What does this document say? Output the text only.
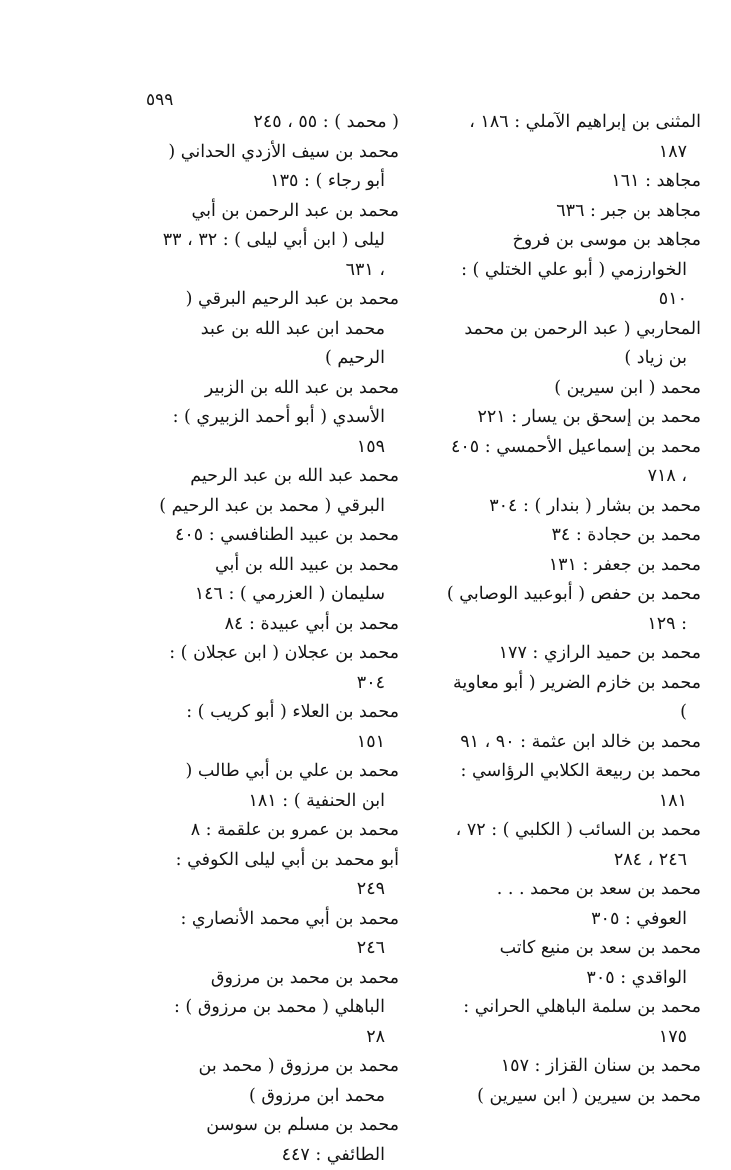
٥٩٩
المثنى بن إبراهيم الآملي : ١٨٦ ، ١٨٧
مجاهد : ١٦١
مجاهد بن جبر : ٦٣٦
مجاهد بن موسى بن فروخ الخوارزمي ( أبو علي الختلي ) : ٥١٠
المحاربي ( عبد الرحمن بن محمد بن زياد )
محمد ( ابن سيرين )
محمد بن إسحق بن يسار : ٢٢١
محمد بن إسماعيل الأحمسي : ٤٠٥ ، ٧١٨
محمد بن بشار ( بندار ) : ٣٠٤
محمد بن حجادة : ٣٤
محمد بن جعفر : ١٣١
محمد بن حفص ( أبوعبيد الوصابي ) : ١٢٩
محمد بن حميد الرازي : ١٧٧
محمد بن خازم الضرير ( أبو معاوية )
محمد بن خالد ابن عثمة : ٩٠ ، ٩١
محمد بن ربيعة الكلابي الرؤاسي : ١٨١
محمد بن السائب ( الكلبي ) : ٧٢ ، ٢٤٦ ، ٢٨٤
محمد بن سعد بن محمد . . . العوفي : ٣٠٥
محمد بن سعد بن منيع كاتب الواقدي : ٣٠٥
محمد بن سلمة الباهلي الحراني : ١٧٥
محمد بن سنان القزاز : ١٥٧
محمد بن سيرين ( ابن سيرين )
( محمد ) : ٥٥ ، ٢٤٥
محمد بن سيف الأزدي الحداني ( أبو رجاء ) : ١٣٥
محمد بن عبد الرحمن بن أبي ليلى ( ابن أبي ليلى ) : ٣٢ ، ٣٣ ، ٦٣١
محمد بن عبد الرحيم البرقي ( محمد ابن عبد الله بن عبد الرحيم )
محمد بن عبد الله بن الزبير الأسدي ( أبو أحمد الزبيري ) : ١٥٩
محمد عبد الله بن عبد الرحيم البرقي ( محمد بن عبد الرحيم )
محمد بن عبيد الطنافسي : ٤٠٥
محمد بن عبيد الله بن أبي سليمان ( العزرمي ) : ١٤٦
محمد بن أبي عبيدة : ٨٤
محمد بن عجلان ( ابن عجلان ) : ٣٠٤
محمد بن العلاء ( أبو كريب ) : ١٥١
محمد بن علي بن أبي طالب ( ابن الحنفية ) : ١٨١
محمد بن عمرو بن علقمة : ٨
أبو محمد بن أبي ليلى الكوفي : ٢٤٩
محمد بن أبي محمد الأنصاري : ٢٤٦
محمد بن محمد بن مرزوق الباهلي ( محمد بن مرزوق ) : ٢٨
محمد بن مرزوق ( محمد بن محمد ابن مرزوق )
محمد بن مسلم بن سوسن الطائفي : ٤٤٧
